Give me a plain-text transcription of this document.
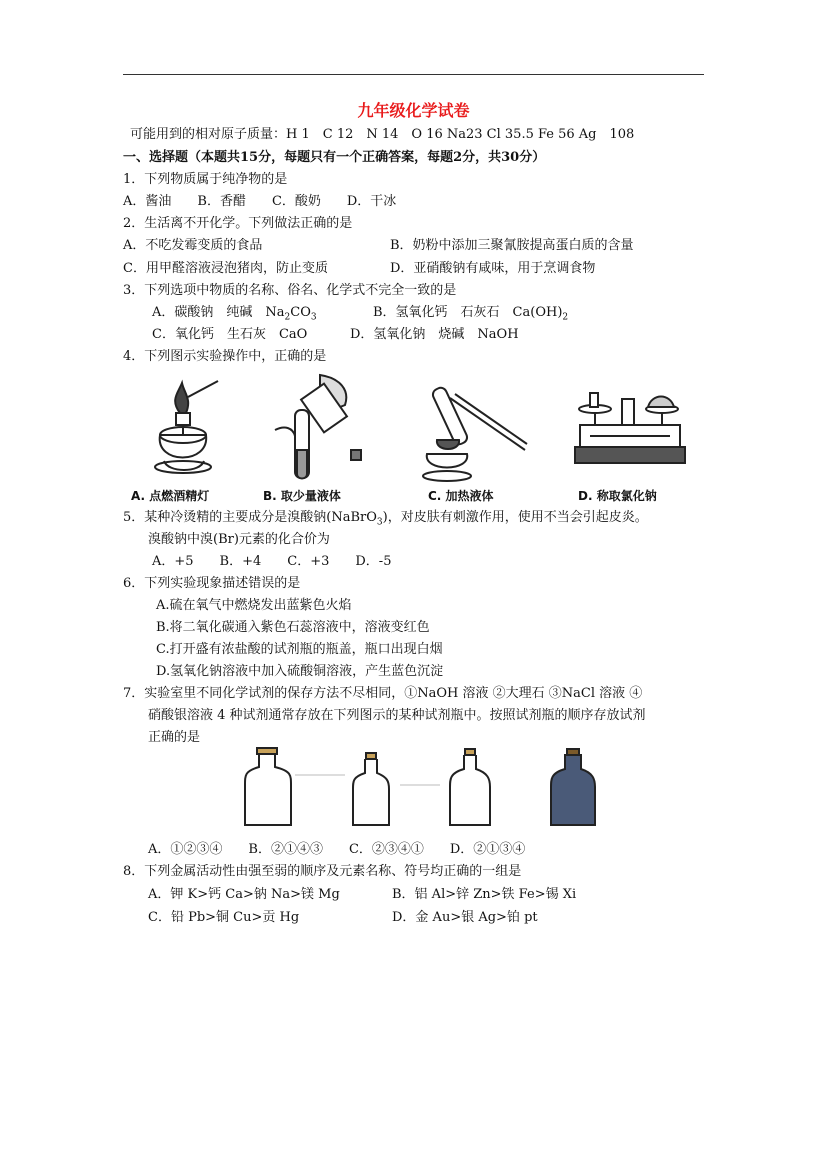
九年级化学试卷
可能用到的相对原子质量：H 1　C 12　N 14　O 16 Na23 Cl 35.5 Fe 56 Ag　108
一、选择题（本题共15分，每题只有一个正确答案，每题2分，共30分）
1．下列物质属于纯净物的是
A．酱油　　B．香醋　　C．酸奶　　D．干冰
2．生活离不开化学。下列做法正确的是
A．不吃发霉变质的食品	B．奶粉中添加三聚氰胺提高蛋白质的含量
C．用甲醛溶液浸泡猪肉，防止变质	D．亚硝酸钠有咸味，用于烹调食物
3．下列选项中物质的名称、俗名、化学式不完全一致的是
A．碳酸钠　纯碱　$Na_2CO_3$	B．氢氧化钙　石灰石　$Ca(OH)_2$
C．氧化钙　生石灰　CaO	D．氢氧化钠　烧碱　NaOH
4．下列图示实验操作中，正确的是
A. 点燃酒精灯	B. 取少量液体	C. 加热液体	D. 称取氯化钠
5．某种冷烫精的主要成分是溴酸钠(NaBrO$_3$)，对皮肤有刺激作用，使用不当会引起皮炎。
溴酸钠中溴(Br)元素的化合价为
A．+5　　B．+4　　C．+3　　D．-5
6．下列实验现象描述错误的是
A.硫在氧气中燃烧发出蓝紫色火焰
B.将二氧化碳通入紫色石蕊溶液中，溶液变红色
C.打开盛有浓盐酸的试剂瓶的瓶盖，瓶口出现白烟
D.氢氧化钠溶液中加入硫酸铜溶液，产生蓝色沉淀
7．实验室里不同化学试剂的保存方法不尽相同，①NaOH 溶液 ②大理石 ③NaCl 溶液 ④
硝酸银溶液 4 种试剂通常存放在下列图示的某种试剂瓶中。按照试剂瓶的顺序存放试剂
正确的是
A．①②③④　　B．②①④③　　C．②③④①　　D．②①③④
8．下列金属活动性由强至弱的顺序及元素名称、符号均正确的一组是
A．钾 K>钙 Ca>钠 Na>镁 Mg	B．铝 Al>锌 Zn>铁 Fe>锡 Xi
C．铅 Pb>铜 Cu>贡 Hg	D．金 Au>银 Ag>铂 pt
